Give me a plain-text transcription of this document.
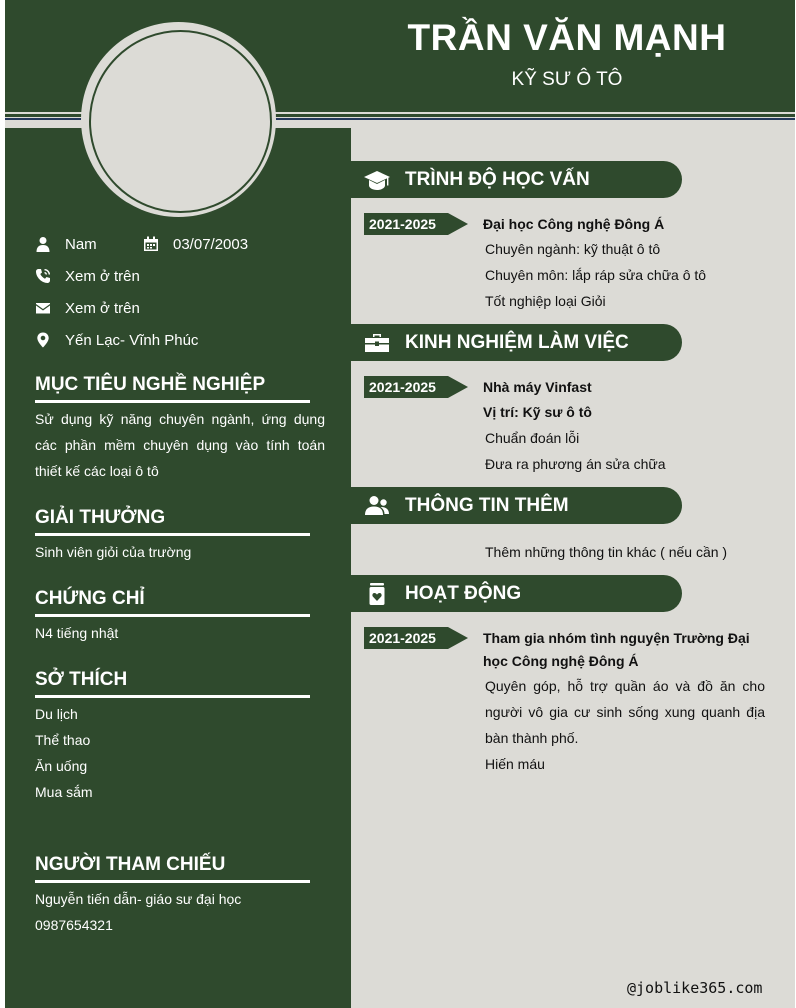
TRẦN VĂN MẠNH
KỸ SƯ Ô TÔ
Nam	03/07/2003
Xem ở trên
Xem ở trên
Yến Lạc- Vĩnh Phúc
MỤC TIÊU NGHỀ NGHIỆP
Sử dụng kỹ năng chuyên ngành, ứng dụng các phần mềm chuyên dụng vào tính toán thiết kế các loại ô tô
GIẢI THƯỞNG
Sinh viên giỏi của trường
CHỨNG CHỈ
N4 tiếng nhật
SỞ THÍCH
Du lịch
Thể thao
Ăn uống
Mua sắm
NGƯỜI THAM CHIẾU
Nguyễn tiến dẫn- giáo sư đại học
0987654321
TRÌNH ĐỘ HỌC VẤN
2021-2025	Đại học Công nghệ Đông Á
Chuyên ngành: kỹ thuật ô tô
Chuyên môn: lắp ráp sửa chữa ô tô
Tốt nghiệp loại Giỏi
KINH NGHIỆM LÀM VIỆC
2021-2025	Nhà máy Vinfast
Vị trí: Kỹ sư ô tô
Chuẩn đoán lỗi
Đưa ra phương án sửa chữa
THÔNG TIN THÊM
Thêm những thông tin khác ( nếu cần )
HOẠT ĐỘNG
2021-2025	Tham gia nhóm tình nguyện Trường Đại học Công nghệ Đông Á
Quyên góp, hỗ trợ quần áo và đồ ăn cho người vô gia cư sinh sống xung quanh địa bàn thành phố.
Hiến máu
@joblike365.com
